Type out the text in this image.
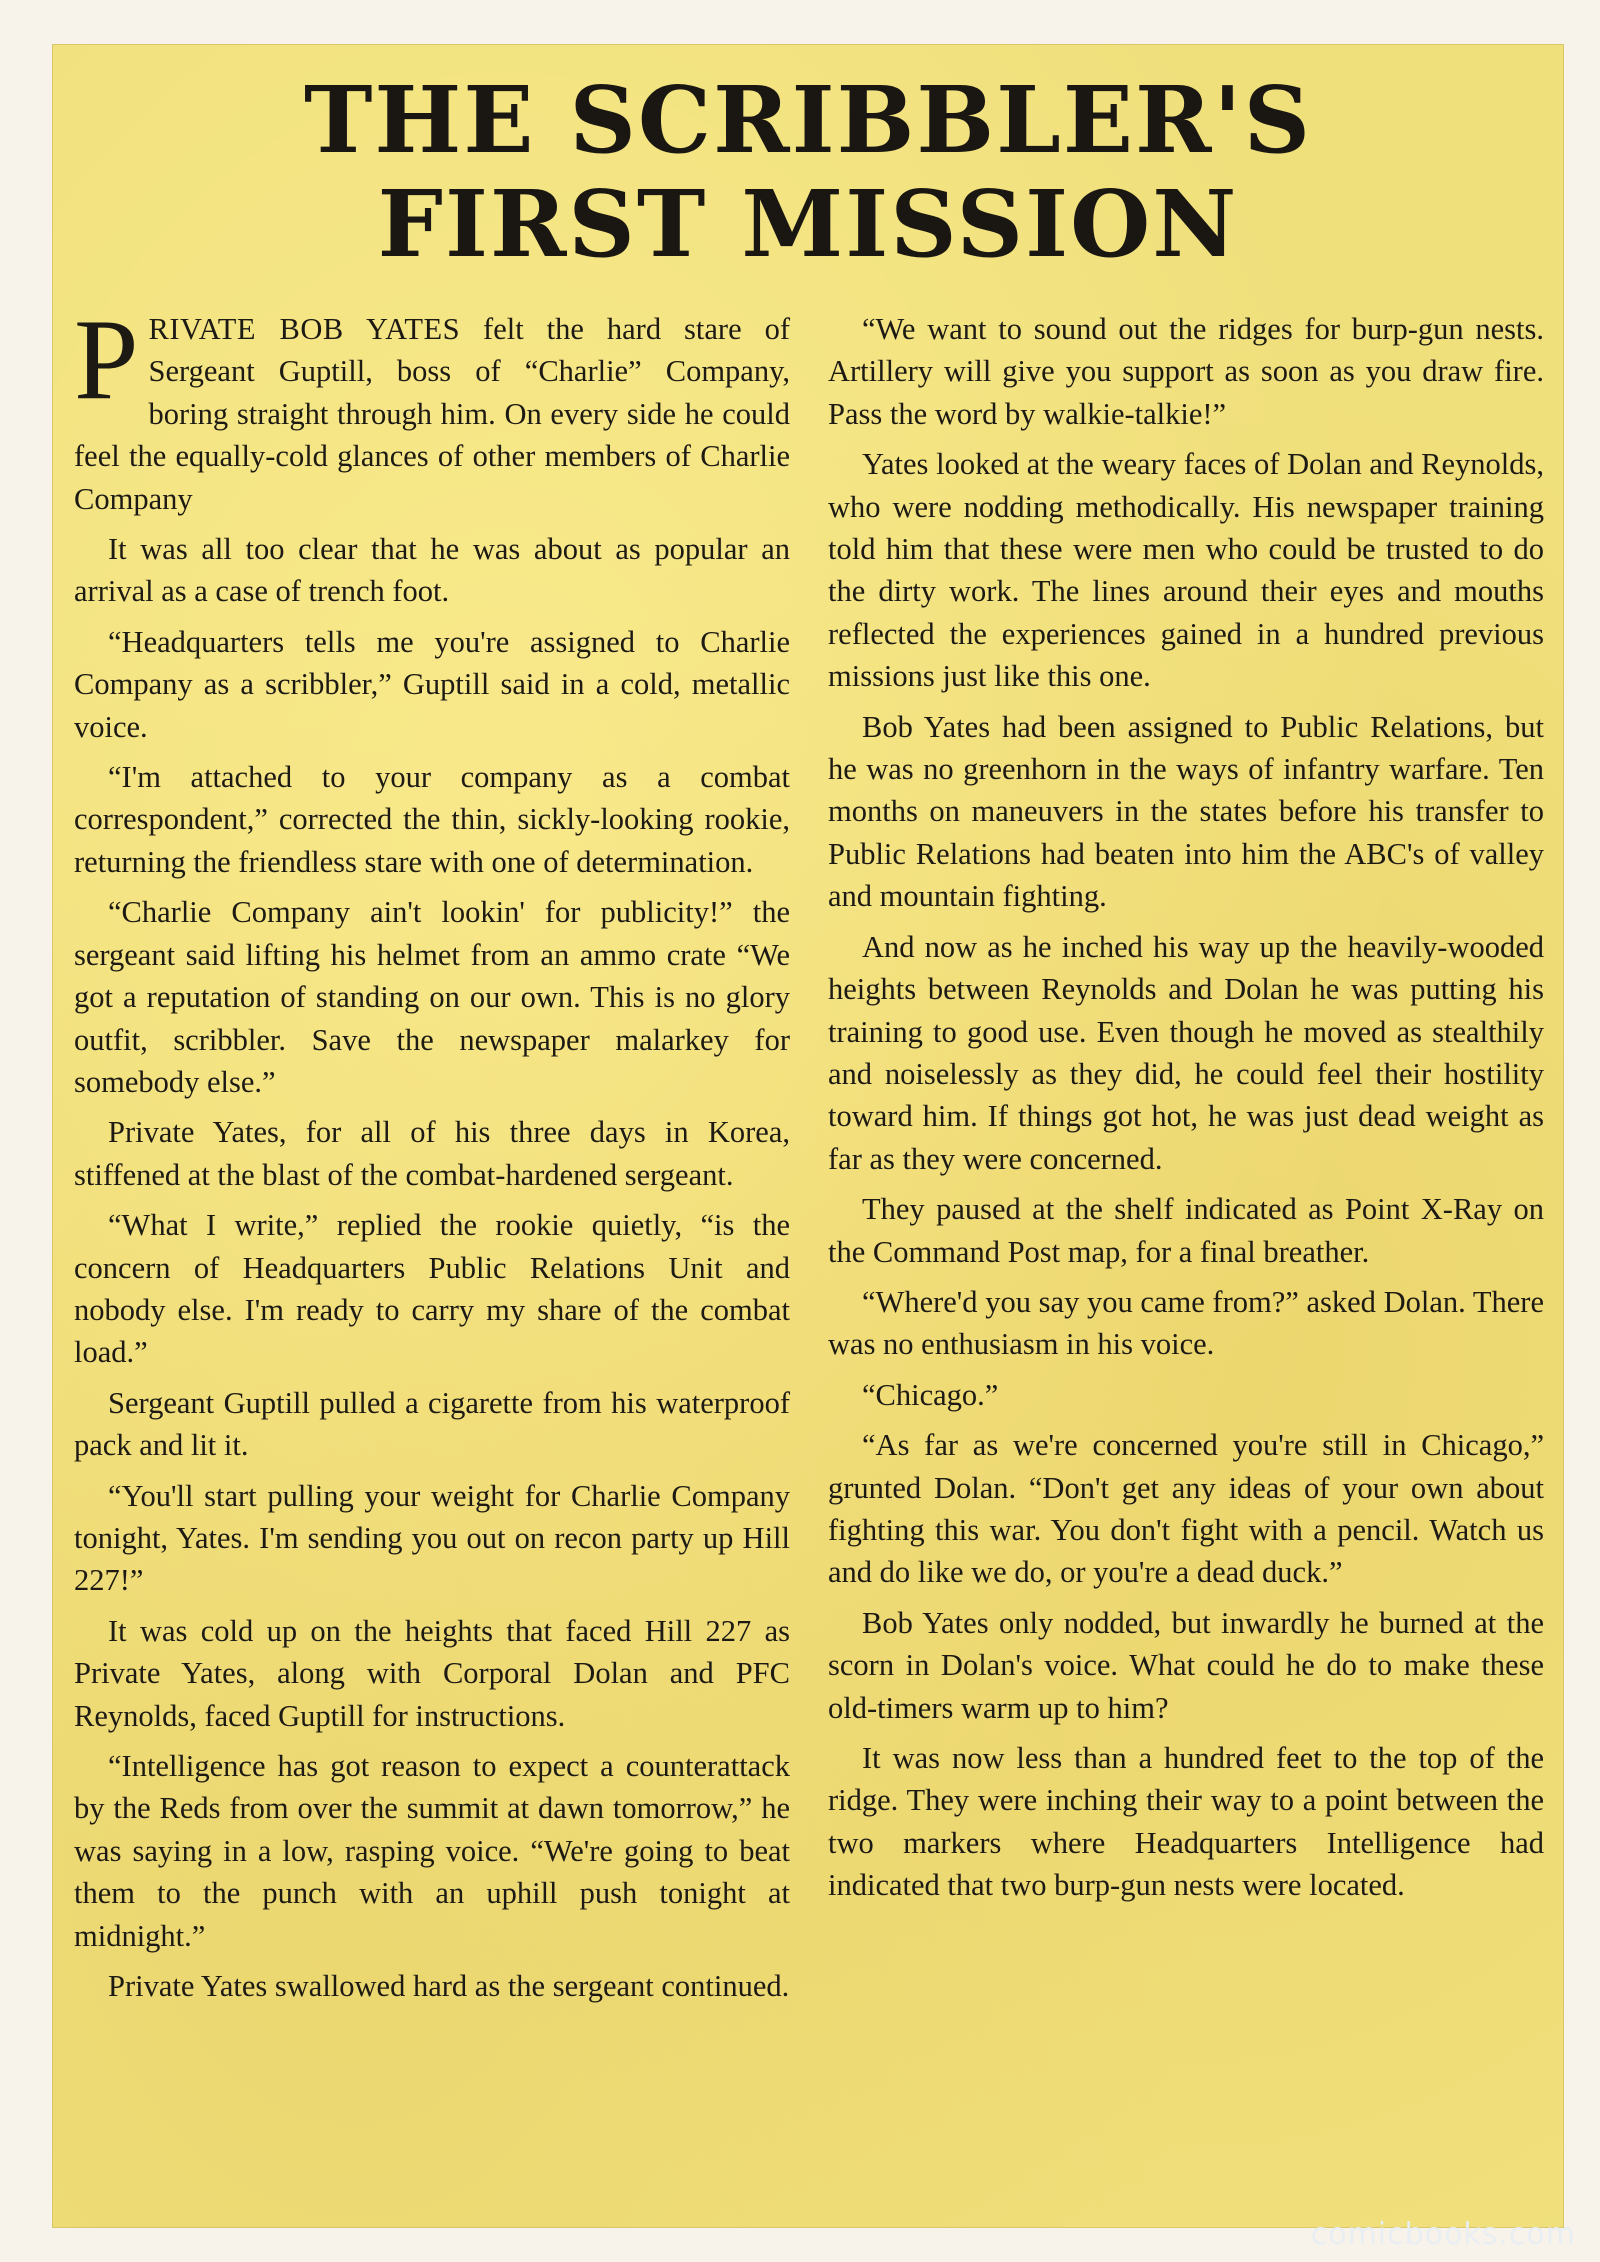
THE SCRIBBLER'S
FIRST MISSION

PRIVATE BOB YATES felt the hard stare of Sergeant Guptill, boss of “Charlie” Company, boring straight through him. On every side he could feel the equally-cold glances of other members of Charlie Company

It was all too clear that he was about as popular an arrival as a case of trench foot.

“Headquarters tells me you're assigned to Charlie Company as a scribbler,” Guptill said in a cold, metallic voice.

“I'm attached to your company as a combat correspondent,” corrected the thin, sickly-looking rookie, returning the friendless stare with one of determination.

“Charlie Company ain't lookin' for publicity!” the sergeant said lifting his helmet from an ammo crate “We got a reputation of standing on our own. This is no glory outfit, scribbler. Save the newspaper malarkey for somebody else.”

Private Yates, for all of his three days in Korea, stiffened at the blast of the combat-hardened sergeant.

“What I write,” replied the rookie quietly, “is the concern of Headquarters Public Relations Unit and nobody else. I'm ready to carry my share of the combat load.”

Sergeant Guptill pulled a cigarette from his waterproof pack and lit it.

“You'll start pulling your weight for Charlie Company tonight, Yates. I'm sending you out on recon party up Hill 227!”

It was cold up on the heights that faced Hill 227 as Private Yates, along with Corporal Dolan and PFC Reynolds, faced Guptill for instructions.

“Intelligence has got reason to expect a counterattack by the Reds from over the summit at dawn tomorrow,” he was saying in a low, rasping voice. “We're going to beat them to the punch with an uphill push tonight at midnight.”

Private Yates swallowed hard as the sergeant continued.

“We want to sound out the ridges for burp-gun nests. Artillery will give you support as soon as you draw fire. Pass the word by walkie-talkie!”

Yates looked at the weary faces of Dolan and Reynolds, who were nodding methodically. His newspaper training told him that these were men who could be trusted to do the dirty work. The lines around their eyes and mouths reflected the experiences gained in a hundred previous missions just like this one.

Bob Yates had been assigned to Public Relations, but he was no greenhorn in the ways of infantry warfare. Ten months on maneuvers in the states before his transfer to Public Relations had beaten into him the ABC's of valley and mountain fighting.

And now as he inched his way up the heavily-wooded heights between Reynolds and Dolan he was putting his training to good use. Even though he moved as stealthily and noiselessly as they did, he could feel their hostility toward him. If things got hot, he was just dead weight as far as they were concerned.

They paused at the shelf indicated as Point X-Ray on the Command Post map, for a final breather.

“Where'd you say you came from?” asked Dolan. There was no enthusiasm in his voice.

“Chicago.”

“As far as we're concerned you're still in Chicago,” grunted Dolan. “Don't get any ideas of your own about fighting this war. You don't fight with a pencil. Watch us and do like we do, or you're a dead duck.”

Bob Yates only nodded, but inwardly he burned at the scorn in Dolan's voice. What could he do to make these old-timers warm up to him?

It was now less than a hundred feet to the top of the ridge. They were inching their way to a point between the two markers where Headquarters Intelligence had indicated that two burp-gun nests were located.

comicbooks.com
